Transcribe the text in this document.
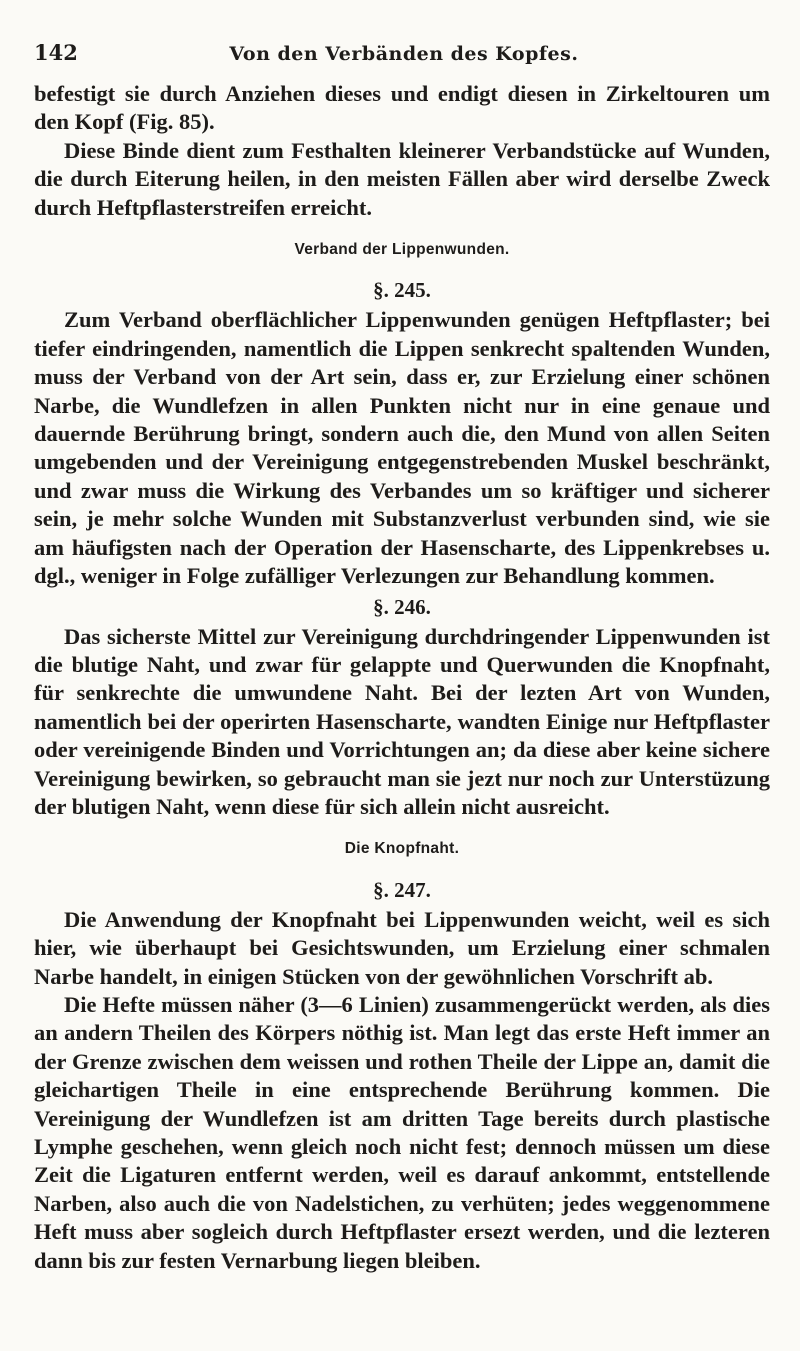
142	Von den Verbänden des Kopfes.

befestigt sie durch Anziehen dieses und endigt diesen in Zirkeltouren um den Kopf (Fig. 85).

Diese Binde dient zum Festhalten kleinerer Verbandstücke auf Wunden, die durch Eiterung heilen, in den meisten Fällen aber wird derselbe Zweck durch Heftpflasterstreifen erreicht.

Verband der Lippenwunden.
§. 245.

Zum Verband oberflächlicher Lippenwunden genügen Heftpflaster; bei tiefer eindringenden, namentlich die Lippen senkrecht spaltenden Wunden, muss der Verband von der Art sein, dass er, zur Erzielung einer schönen Narbe, die Wundlefzen in allen Punkten nicht nur in eine genaue und dauernde Berührung bringt, sondern auch die, den Mund von allen Seiten umgebenden und der Vereinigung entgegenstrebenden Muskel beschränkt, und zwar muss die Wirkung des Verbandes um so kräftiger und sicherer sein, je mehr solche Wunden mit Substanzverlust verbunden sind, wie sie am häufigsten nach der Operation der Hasenscharte, des Lippenkrebses u. dgl., weniger in Folge zufälliger Verlezungen zur Behandlung kommen.

§. 246.

Das sicherste Mittel zur Vereinigung durchdringender Lippenwunden ist die blutige Naht, und zwar für gelappte und Querwunden die Knopfnaht, für senkrechte die umwundene Naht. Bei der lezten Art von Wunden, namentlich bei der operirten Hasenscharte, wandten Einige nur Heftpflaster oder vereinigende Binden und Vorrichtungen an; da diese aber keine sichere Vereinigung bewirken, so gebraucht man sie jezt nur noch zur Unterstüzung der blutigen Naht, wenn diese für sich allein nicht ausreicht.

Die Knopfnaht.
§. 247.

Die Anwendung der Knopfnaht bei Lippenwunden weicht, weil es sich hier, wie überhaupt bei Gesichtswunden, um Erzielung einer schmalen Narbe handelt, in einigen Stücken von der gewöhnlichen Vorschrift ab.

Die Hefte müssen näher (3—6 Linien) zusammengerückt werden, als dies an andern Theilen des Körpers nöthig ist. Man legt das erste Heft immer an der Grenze zwischen dem weissen und rothen Theile der Lippe an, damit die gleichartigen Theile in eine entsprechende Berührung kommen. Die Vereinigung der Wundlefzen ist am dritten Tage bereits durch plastische Lymphe geschehen, wenn gleich noch nicht fest; dennoch müssen um diese Zeit die Ligaturen entfernt werden, weil es darauf ankommt, entstellende Narben, also auch die von Nadelstichen, zu verhüten; jedes weggenommene Heft muss aber sogleich durch Heftpflaster ersezt werden, und die lezteren dann bis zur festen Vernarbung liegen bleiben.
